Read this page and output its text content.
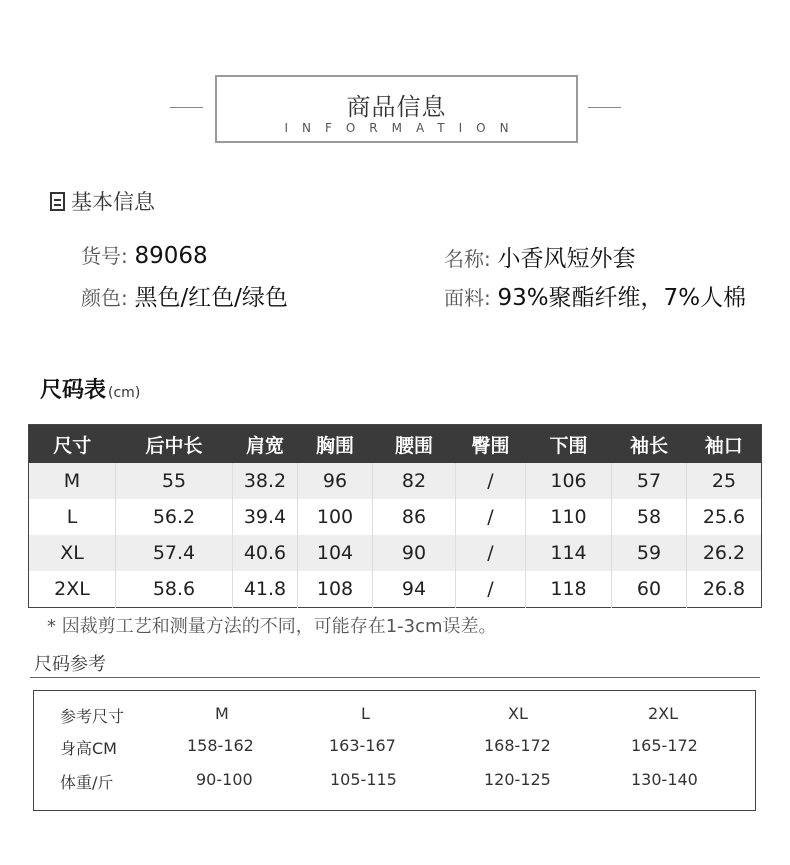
商品信息
INFORMATION
基本信息
货号: 89068	名称: 小香风短外套
颜色: 黑色/红色/绿色	面料: 93%聚酯纤维，7%人棉
尺码表 (cm)
尺寸	后中长	肩宽	胸围	腰围	臀围	下围	袖长	袖口
M	55	38.2	96	82	/	106	57	25
L	56.2	39.4	100	86	/	110	58	25.6
XL	57.4	40.6	104	90	/	114	59	26.2
2XL	58.6	41.8	108	94	/	118	60	26.8
* 因裁剪工艺和测量方法的不同，可能存在1-3cm误差。
尺码参考
参考尺寸	M	L	XL	2XL
身高CM	158-162	163-167	168-172	165-172
体重/斤	90-100	105-115	120-125	130-140
